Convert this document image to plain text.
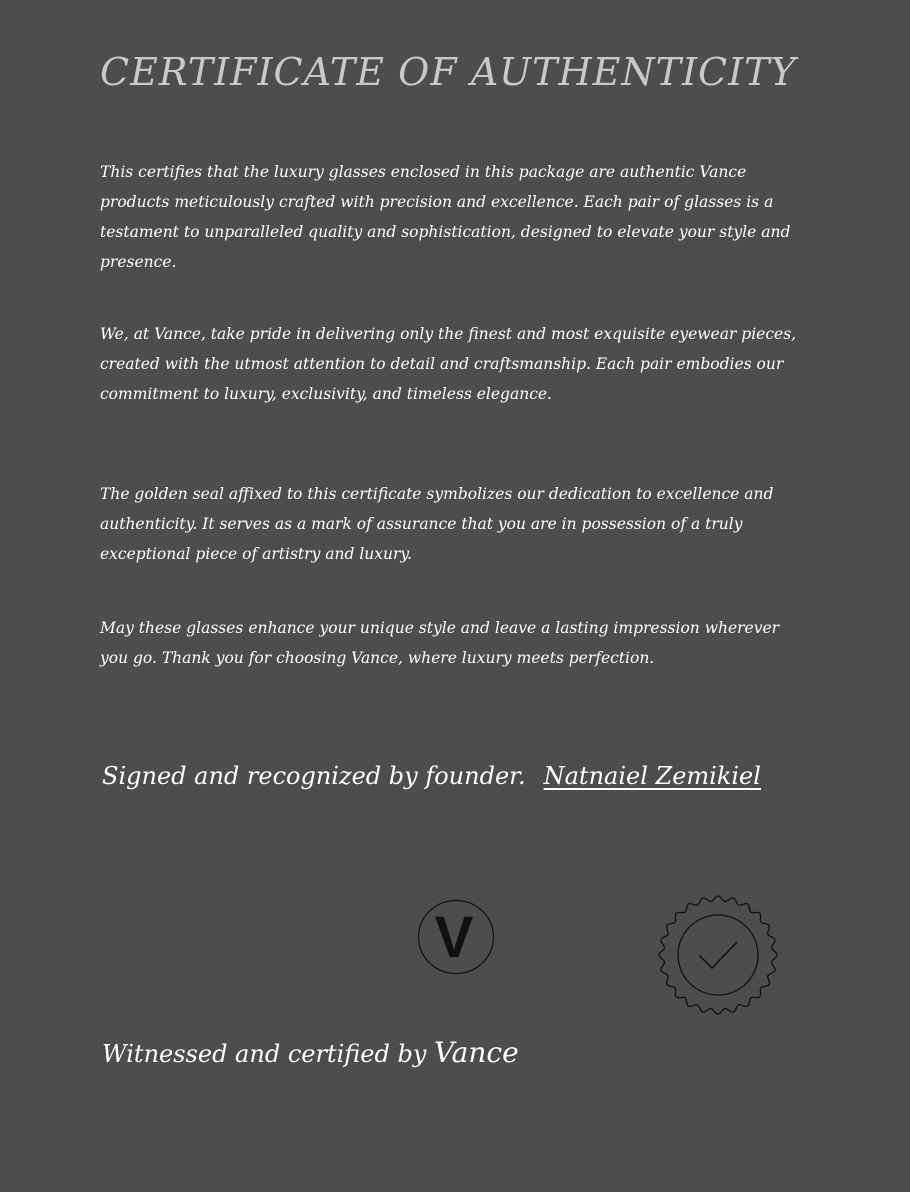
CERTIFICATE OF AUTHENTICITY

This certifies that the luxury glasses enclosed in this package are authentic Vance products meticulously crafted with precision and excellence. Each pair of glasses is a testament to unparalleled quality and sophistication, designed to elevate your style and presence.

We, at Vance, take pride in delivering only the finest and most exquisite eyewear pieces, created with the utmost attention to detail and craftsmanship. Each pair embodies our commitment to luxury, exclusivity, and timeless elegance.

The golden seal affixed to this certificate symbolizes our dedication to excellence and authenticity. It serves as a mark of assurance that you are in possession of a truly exceptional piece of artistry and luxury.

May these glasses enhance your unique style and leave a lasting impression wherever you go. Thank you for choosing Vance, where luxury meets perfection.

Signed and recognized by founder. Natnaiel Zemikiel
V
Witnessed and certified by Vance
